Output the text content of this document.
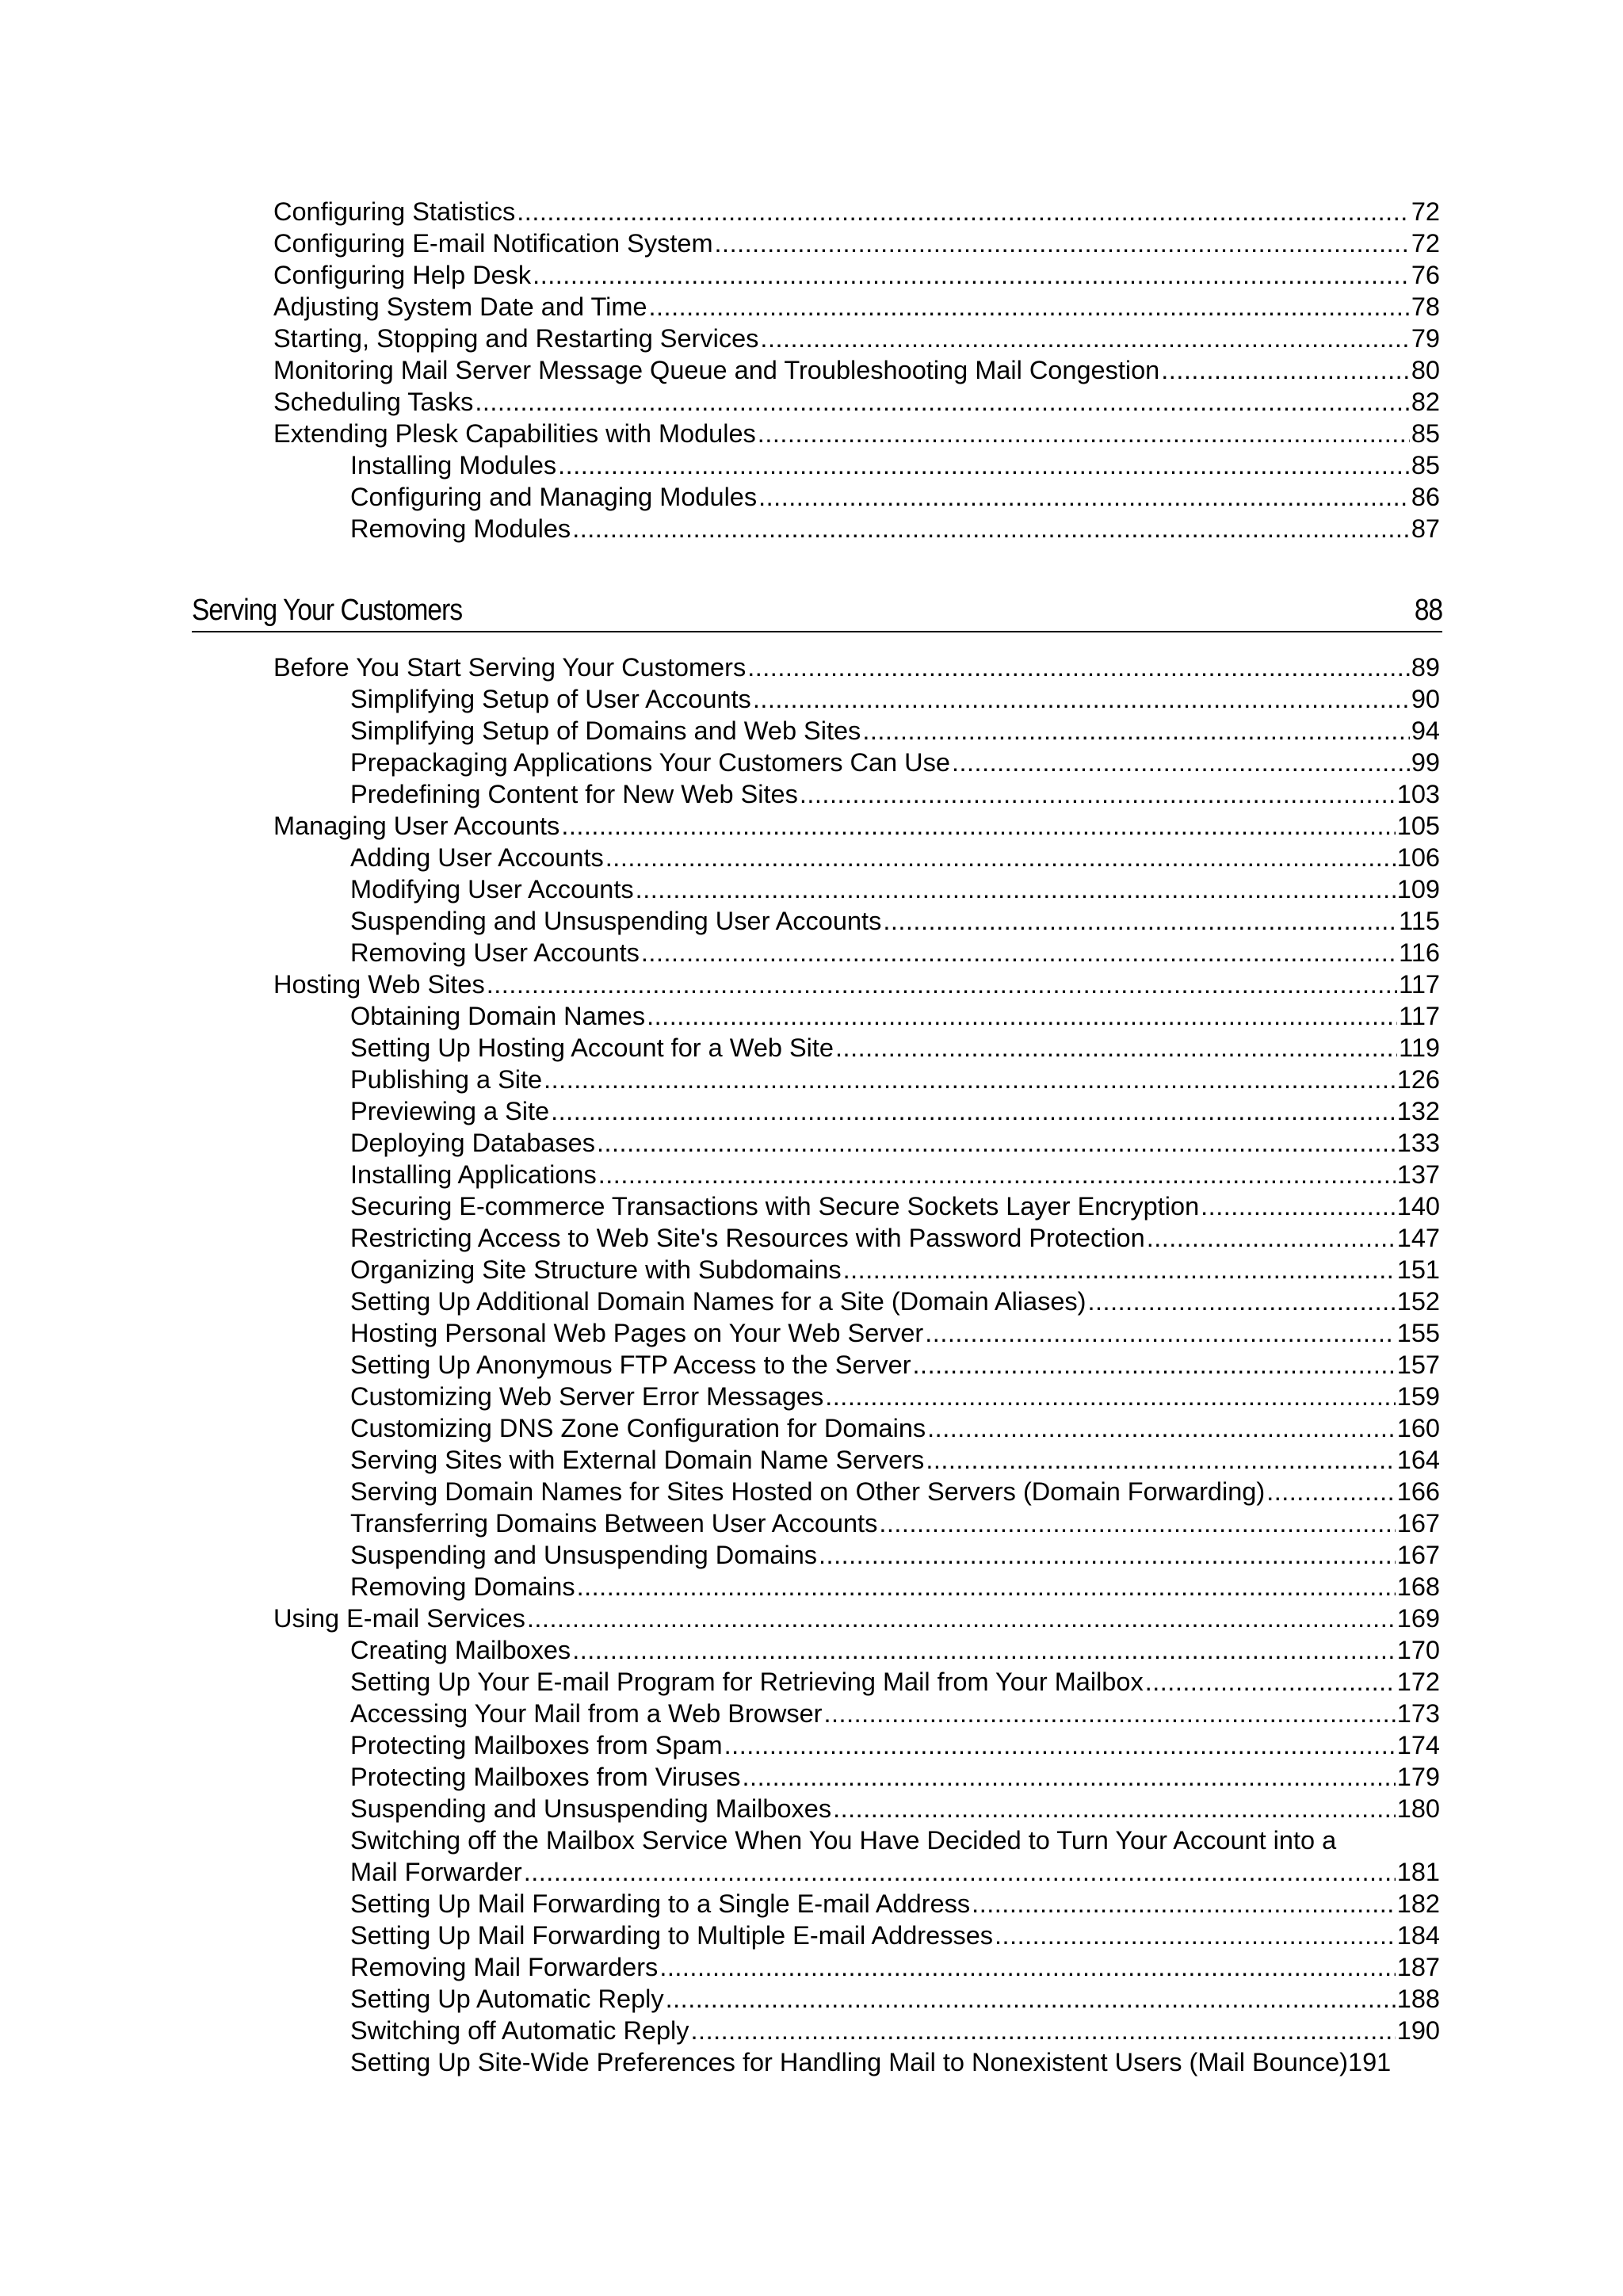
Configuring Statistics .....	72
Configuring E-mail Notification System .....	72
Configuring Help Desk .....	76
Adjusting System Date and Time .....	78
Starting, Stopping and Restarting Services .....	79
Monitoring Mail Server Message Queue and Troubleshooting Mail Congestion .....	80
Scheduling Tasks .....	82
Extending Plesk Capabilities with Modules .....	85
Installing Modules .....	85
Configuring and Managing Modules .....	86
Removing Modules .....	87
Serving Your Customers	88
Before You Start Serving Your Customers .....	89
Simplifying Setup of User Accounts .....	90
Simplifying Setup of Domains and Web Sites .....	94
Prepackaging Applications Your Customers Can Use .....	99
Predefining Content for New Web Sites .....	103
Managing User Accounts .....	105
Adding User Accounts .....	106
Modifying User Accounts .....	109
Suspending and Unsuspending User Accounts .....	115
Removing User Accounts .....	116
Hosting Web Sites .....	117
Obtaining Domain Names .....	117
Setting Up Hosting Account for a Web Site .....	119
Publishing a Site .....	126
Previewing a Site .....	132
Deploying Databases .....	133
Installing Applications .....	137
Securing E-commerce Transactions with Secure Sockets Layer Encryption .....	140
Restricting Access to Web Site's Resources with Password Protection .....	147
Organizing Site Structure with Subdomains .....	151
Setting Up Additional Domain Names for a Site (Domain Aliases) .....	152
Hosting Personal Web Pages on Your Web Server .....	155
Setting Up Anonymous FTP Access to the Server .....	157
Customizing Web Server Error Messages .....	159
Customizing DNS Zone Configuration for Domains .....	160
Serving Sites with External Domain Name Servers .....	164
Serving Domain Names for Sites Hosted on Other Servers (Domain Forwarding) .....	166
Transferring Domains Between User Accounts .....	167
Suspending and Unsuspending Domains .....	167
Removing Domains .....	168
Using E-mail Services .....	169
Creating Mailboxes .....	170
Setting Up Your E-mail Program for Retrieving Mail from Your Mailbox .....	172
Accessing Your Mail from a Web Browser .....	173
Protecting Mailboxes from Spam .....	174
Protecting Mailboxes from Viruses .....	179
Suspending and Unsuspending Mailboxes .....	180
Switching off the Mailbox Service When You Have Decided to Turn Your Account into a
Mail Forwarder .....	181
Setting Up Mail Forwarding to a Single E-mail Address .....	182
Setting Up Mail Forwarding to Multiple E-mail Addresses .....	184
Removing Mail Forwarders .....	187
Setting Up Automatic Reply .....	188
Switching off Automatic Reply .....	190
Setting Up Site-Wide Preferences for Handling Mail to Nonexistent Users (Mail Bounce)191
